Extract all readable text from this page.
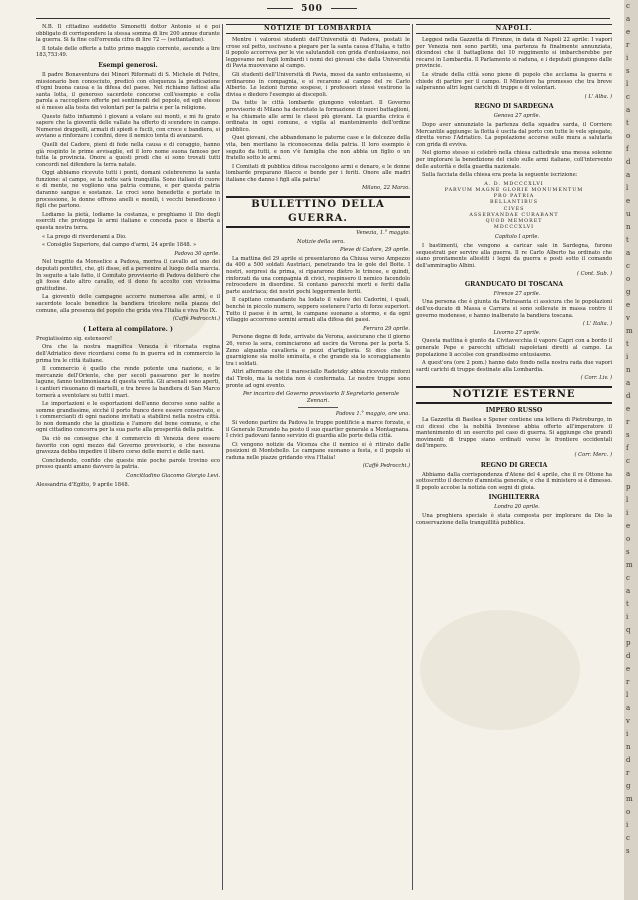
500

N.B. Il cittadino suddetto Simonetti dottor Antonio si è poi obbligato di corrispondere la stessa somma di lire 200 annue durante la guerra. Si fa fine coll'orrenda cifra di lire 72 — (settantadue).

Il totale delle offerte a tutto primo maggio corrente, ascende a lire 183,753:49.

Esempi generosi.

Il padre Bonaventura dei Minori Riformati di S. Michele di Feltre, missionario ben conosciuto, predicò con eloquenza la predicazione d'ogni buona causa e la difesa del paese. Nel richiamo fattosi alla santa lotta, il generoso sacerdote concorse coll'esempio e colla parola a raccogliere offerte pei sentimenti del popolo, ed egli stesso si è messo alla testa dei volontari per la patria e per la religione.

Questo fatto infiammò i giovani a volare sui monti, e mi fu grato sapere che la gioventù delle vallate ha offerto di scendere in campo. Numerosi drappelli, armati di spiedi e fucili, con croce e bandiera, si avviano a rinforzare i confini, dove il nemico tenta di avanzarsi.

Quelli del Cadore, pieni di fede nella causa e di coraggio, hanno già respinto le prime avvisaglie, ed il loro nome suona famoso per tutta la provincia. Onore a questi prodi che si sono trovati tutti concordi nel difendere la terra natale.

Oggi abbiamo ricevuto tutti i ponti, domani celebreremo la santa funzione: al campo, se la notte sarà tranquilla. Sono italiani di cuore e di mente, ne vogliono una patria comune, e per questa patria daranno sangue e sostanze. Le croci sono benedette e portate in processione, le donne offrono anelli e monili, i vecchi benedicono i figli che partono.

Lodiamo la pietà, lodiamo la costanza, e preghiamo il Dio degli eserciti che protegga le armi italiane e conceda pace e libertà a questa nostra terra.

« La prego di riverderami a Dio.

« Consiglio Superiore, dal campo d'armi, 24 aprile 1848. »

Padova 30 aprile.

Nel tragitto da Monselice a Padova, moriva il cavallo ad uno dei deputati pontifici, che, gli disse, ed a pervenire al luogo della marcia. In seguito a tale fatto, il Comitato provvisorio di Padova deliberò che gli fosse dato altro cavallo, ed il dono fu accolto con vivissima gratitudine.

La gioventù delle campagne accorre numerosa alle armi, e il sacerdote locale benedice la bandiera tricolore nella piazza del comune, alla presenza del popolo che grida viva l'Italia e viva Pio IX.

(Caffè Pedrocchi.)

( Lettera al compilatore. )

Pregiatissimo sig. estensore!

Ora che la nostra magnifica Venezia è ritornata regina dell'Adriatico deve ricordarsi come fu in guerra ed in commercio la prima tra le città italiane.

Il commercio è quello che rende potente una nazione, e le mercanzie dell'Oriente, che per secoli passarono per le nostre lagune, fanno testimonianza di questa verità. Gli arsenali sono aperti, i cantieri risuonano di martelli, e tra breve la bandiera di San Marco tornerà a sventolare su tutti i mari.

Le importazioni e le esportazioni dell'anno decorso sono salite a somme grandissime, sicché il porto franco deve essere conservato, e i commercianti di ogni nazione invitati a stabilirsi nella nostra città. Io non domando che la giustizia e l'amore del bene comune, e che ogni cittadino concorra per la sua parte alla prosperità della patria.

Da ciò ne consegue che il commercio di Venezia deve essere favorito con ogni mezzo dal Governo provvisorio, e che nessuna gravezza debba impedire il libero corso delle merci e delle navi.

Concludendo, confido che queste mie poche parole trovino eco presso quanti amano davvero la patria.

Concittadino Giacomo Giorgio Levi.

Alessandria d'Egitto, 9 aprile 1848.

NOTIZIE DI LOMBARDIA

Mentre i valorosi studenti dell'Università di Padova, postati le crose sul petto, uscivano a piegare per la santa causa d'Italia, e tutto il popolo accorreva per le vie salutandoli con grida d'entusiasmo, noi leggevamo nei fogli lombardi i nomi dei giovani che dalla Università di Pavia muovevano al campo.

Gli studenti dell'Università di Pavia, mossi da santo entusiasmo, si ordinarono in compagnia, e si recarono al campo del re Carlo Alberto. Le lezioni furono sospese, i professori stessi vestirono la divisa e diedero l'esempio ai discepoli.

Da tutte le città lombarde giungono volontari. Il Governo provvisorio di Milano ha decretato la formazione di nuovi battaglioni, e ha chiamato alle armi le classi più giovani. La guardia civica è ordinata in ogni comune, e vigila al mantenimento dell'ordine pubblico.

Quei giovani, che abbandonano le paterne case e le dolcezze della vita, ben meritano la riconoscenza della patria. Il loro esempio è seguito da tutti, e non v'è famiglia che non abbia un figlio o un fratello sotto le armi.

I Comitati di pubblica difesa raccolgono armi e denaro, e le donne lombarde preparano filacce e bende per i feriti. Onore alle madri italiane che danno i figli alla patria!

Milano, 22 Marzo.

BULLETTINO DELLA GUERRA.

Venezia, 1.° maggio.

Notizie della sera.

Pieve di Cadore, 29 aprile.

La mattina del 29 aprile si presentarono da Chiusa verso Ampezzo da 400 a 500 soldati Austriaci, penetrando tra le gole del Boite. I nostri, sorpresi da prima, si ripararono dietro le trincee, e quindi, rinforzati da una compagnia di civici, respinsero il nemico facendolo retrocedere in disordine. Si contano parecchi morti e feriti dalla parte austriaca; dei nostri pochi leggermente feriti.

Il capitano comandante ha lodato il valore dei Cadorini, i quali, benchè in piccolo numero, seppero sostenere l'urto di forze superiori. Tutto il paese è in armi, le campane suonano a stormo, e da ogni villaggio accorrono uomini armati alla difesa dei passi.

Ferrara 29 aprile.

Persone degne di fede, arrivate da Verona, assicurano che il giorno 26, verso la sera, cominciarono ad uscire da Verona per la porta S. Zeno alquanta cavalleria e pezzi d'artiglieria. Si dice che la guarnigione sia molto sminuita, e che grande sia lo scoraggiamento tra i soldati.

Altri affermano che il maresciallo Radetzky abbia ricevuto rinforzi dal Tirolo, ma la notizia non è confermata. Le nostre truppe sono pronte ad ogni evento.

Per incarico del Governo provvisorio Il Segretario generale Zennari.

Padova 1.° maggio, ore una.

Si vedono partire da Padova le truppe pontificie a marce forzate, e il Generale Durando ha posto il suo quartier generale a Montagnana. I civici padovani fanno servizio di guardia alle porte della città.

Ci vengono notizie da Vicenza che il nemico si è ritirato dalle posizioni di Montebello. Le campane suonano a festa, e il popolo si raduna nelle piazze gridando viva l'Italia!

(Caffè Pedrocchi.)

NAPOLI.

Leggesi nella Gazzetta di Firenze, in data di Napoli 22 aprile: I vapori per Venezia non sono partiti, una partenza fu finalmente annunziata, dicendosi che il battaglione del 10 reggimento si imbarcherebbe per recarsi in Lombardia. Il Parlamento si raduna, e i deputati giungono dalle provincie.

Le strade della città sono piene di popolo che acclama la guerra e chiede di partire per il campo. Il Ministero ha promesso che tra breve salperanno altri legni carichi di truppe e di volontari.

( L' Alba. )

REGNO DI SARDEGNA

Genova 27 aprile.

Dopo aver annunziato la partenza della squadra sarda, il Corriere Mercantile aggiunge: la flotta è uscita dal porto con tutte le vele spiegate, diretta verso l'Adriatico. La popolazione accorse sulle mura a salutarla con grida di evviva.

Nel giorno stesso si celebrò nella chiesa cattedrale una messa solenne per implorare la benedizione del cielo sulle armi italiane, coll'intervento delle autorità e della guardia nazionale.

Sulla facciata della chiesa era posta la seguente iscrizione:

A. D. MDCCCXLVI
PARVUM MAGNE GLORIE MONUMENTUM
PRO PATRIA
BELLANTIBUS
CIVES
ASSERVANDAE CURABANT
QUOD MEMORET
MDCCCXLVI

Capitolo I aprile.

I bastimenti, che vengono a caricar sale in Sardegna, furono sequestrati per servire alla guerra. Il re Carlo Alberto ha ordinato che siano prontamente allestiti i legni da guerra e posti sotto il comando dell'ammiraglio Albini.

( Cont. Sub. )

GRANDUCATO DI TOSCANA

Firenze 27 aprile.

Una persona che è giunta da Pietrasanta ci assicura che le popolazioni dell'ex-ducato di Massa e Carrara si sono sollevate in massa contro il governo modenese, e hanno inalberato la bandiera toscana.

( L' Italia. )

Livorno 27 aprile.

Questa mattina è giunto da Civitavecchia il vapore Capri con a bordo il generale Pepe e parecchi ufficiali napoletani diretti al campo. La popolazione li accolse con grandissimo entusiasmo.

A quest'ora (ore 2 pom.) hanno dato fondo nella nostra rada due vapori sardi carichi di truppe destinate alla Lombardia.

( Corr. Liv. )

NOTIZIE ESTERNE
IMPERO RUSSO

La Gazzetta di Basilea e Spener contiene una lettera di Pietroburgo, in cui dicesi che la nobiltà livoniese abbia offerto all'imperatore il mantenimento di un esercito pel caso di guerra. Si aggiunge che grandi movimenti di truppe siano ordinati verso le frontiere occidentali dell'impero.

( Corr. Merc. )

REGNO DI GRECIA

Abbiamo dalla corrispondenza d'Atene del 4 aprile, che il re Ottone ha sottoscritto il decreto d'amnistia generale, e che il ministero si è dimesso. Il popolo accolse la notizia con segni di gioia.

INGHILTERRA

Londra 20 aprile.

Una preghiera speciale è stata composta per implorare da Dio la conservazione della tranquillità pubblica.

c
a
e
r
i
s
l
c
a
t
o
f
d
a
l
e
u
n
t
a
c
o
g
e
v
m
t
i
n
a
d
e
r
s
f
c
a
p
l
i
e
o
s
m
c
a
t
i
q
p
d
e
r
l
a
v
i
n
d
r
g
m
o
i
c
s
